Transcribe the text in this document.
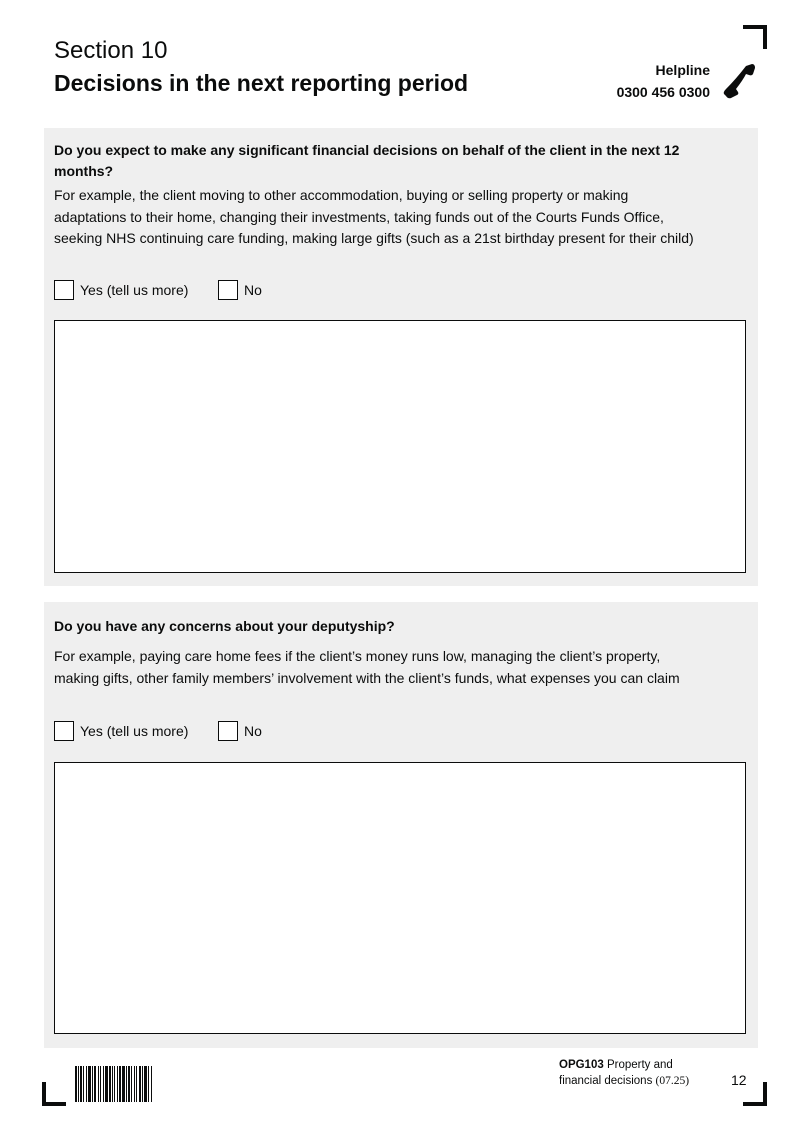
Section 10
Decisions in the next reporting period	Helpline
0300 456 0300
Do you expect to make any significant financial decisions on behalf of the client in the next 12 months?
For example, the client moving to other accommodation, buying or selling property or making adaptations to their home, changing their investments, taking funds out of the Courts Funds Office, seeking NHS continuing care funding, making large gifts (such as a 21st birthday present for their child)
Yes (tell us more)	No
Do you have any concerns about your deputyship?
For example, paying care home fees if the client’s money runs low, managing the client’s property, making gifts, other family members’ involvement with the client’s funds, what expenses you can claim
Yes (tell us more)	No
OPG103 Property and
financial decisions (07.25)	12
